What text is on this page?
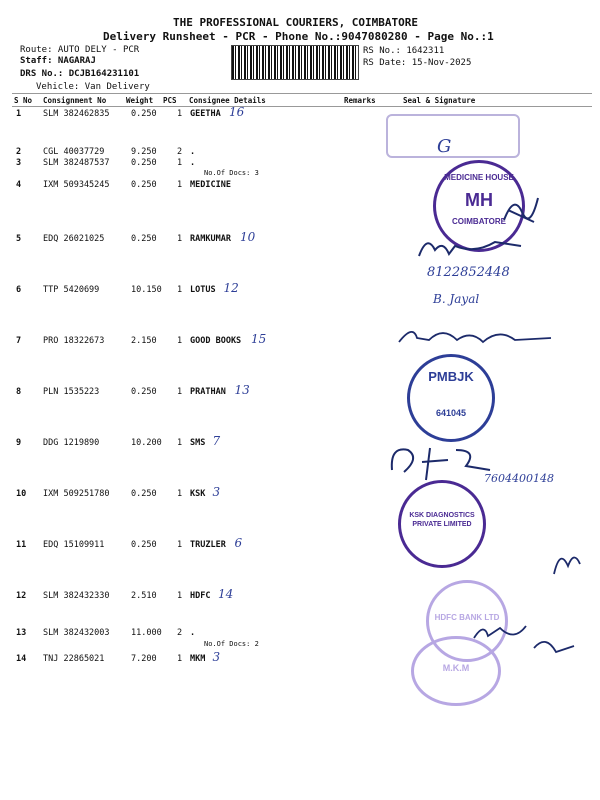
THE PROFESSIONAL COURIERS, COIMBATORE
Delivery Runsheet - PCR - Phone No.:9047080280 - Page No.:1
Route: AUTO DELY - PCR
Staff: NAGARAJ
DRS No.: DCJB164231101
Vehicle: Van Delivery
RS No.: 1642311
RS Date: 15-Nov-2025
S No Consignment No	Weight PCS Consignee Details	Remarks	Seal & Signature
1	SLM 382462835	0.250 1 GEETHA 16
2	CGL 40037729	9.250 2 .
3	SLM 382487537	0.250 1 .
4	IXM 509345245	0.250 1 MEDICINE
5	EDQ 26021025	0.250 1 RAMKUMAR 10
6	TTP 5420699	10.150 1 LOTUS 12
7	PRO 18322673	2.150 1 GOOD BOOKS 15
8	PLN 1535223	0.250 1 PRATHAN 13
9	DDG 1219890	10.200 1 SMS 7
10 IXM 509251780	0.250 1 KSK 3
11 EDQ 15109911	0.250 1 TRUZLER 6
12 SLM 382432330	2.510 1 HDFC 14
13 SLM 382432003	11.000 2 .
14 TNJ 22865021	7.200 1 MKM 3
No.Of Docs: 3
No.Of Docs: 2
G
MEDICINE HOUSE
MH
COIMBATORE
8122852448
B. Jayal
PMBJK
641045
7604400148
KSK DIAGNOSTICS PRIVATE LIMITED
HDFC BANK LTD
M.K.M
